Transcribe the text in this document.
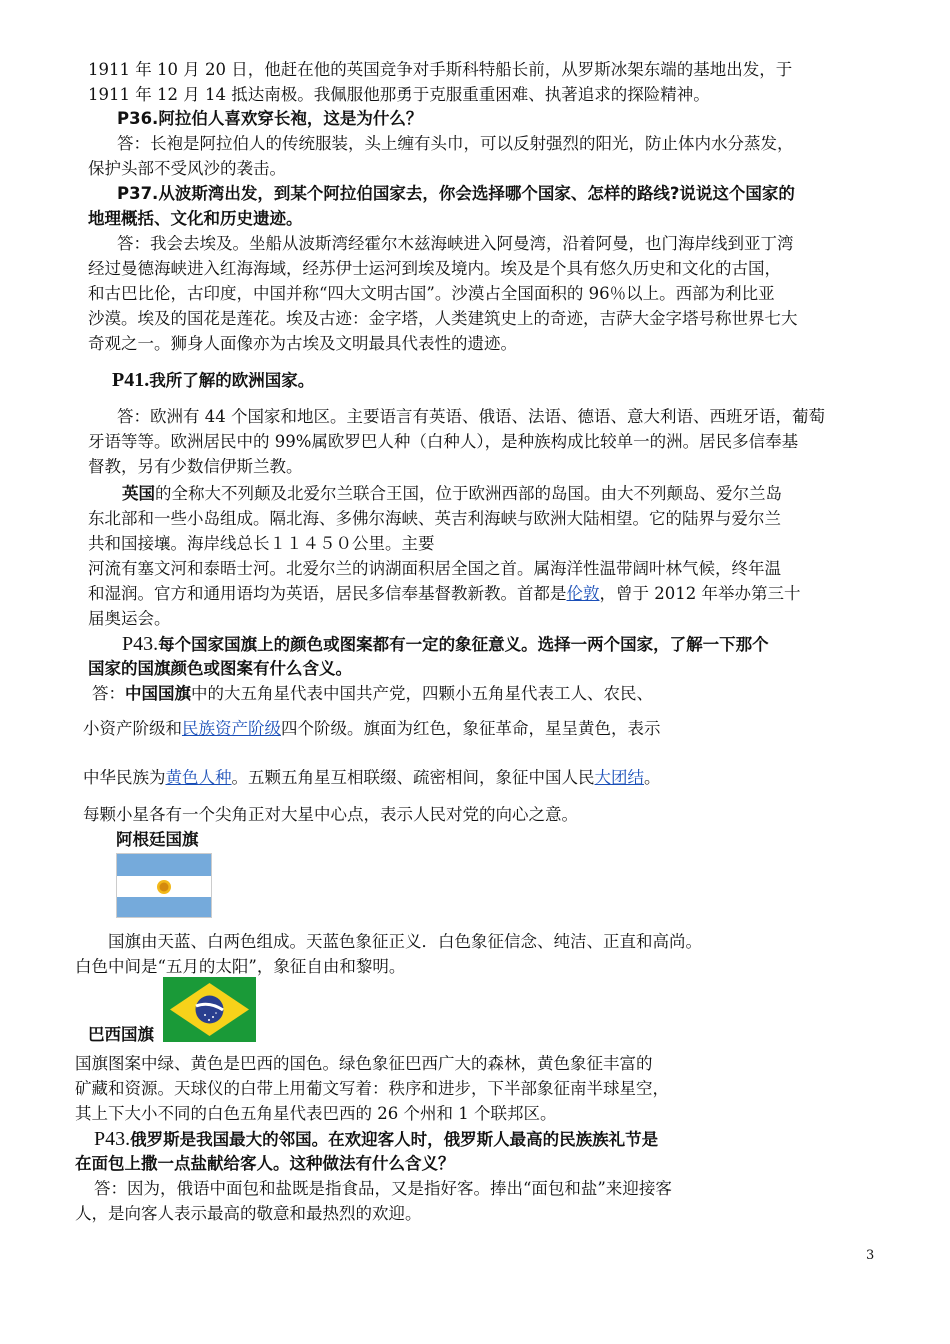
1911 年 10 月 20 日，他赶在他的英国竞争对手斯科特船长前，从罗斯冰架东端的基地出发，于
1911 年 12 月 14 抵达南极。我佩服他那勇于克服重重困难、执著追求的探险精神。
P36.阿拉伯人喜欢穿长袍，这是为什么？
答：长袍是阿拉伯人的传统服装，头上缠有头巾，可以反射强烈的阳光，防止体内水分蒸发，
保护头部不受风沙的袭击。
P37.从波斯湾出发，到某个阿拉伯国家去，你会选择哪个国家、怎样的路线?说说这个国家的
地理概括、文化和历史遗迹。
答：我会去埃及。坐船从波斯湾经霍尔木兹海峡进入阿曼湾，沿着阿曼，也门海岸线到亚丁湾
经过曼德海峡进入红海海域，经苏伊士运河到埃及境内。埃及是个具有悠久历史和文化的古国，
和古巴比伦，古印度，中国并称“四大文明古国”。沙漠占全国面积的 96％以上。西部为利比亚
沙漠。埃及的国花是莲花。埃及古迹：金字塔，人类建筑史上的奇迹，吉萨大金字塔号称世界七大
奇观之一。狮身人面像亦为古埃及文明最具代表性的遗迹。
P41.我所了解的欧洲国家。
答：欧洲有 44 个国家和地区。主要语言有英语、俄语、法语、德语、意大利语、西班牙语，葡萄
牙语等等。欧洲居民中的 99%属欧罗巴人种（白种人），是种族构成比较单一的洲。居民多信奉基
督教，另有少数信伊斯兰教。
英国的全称大不列颠及北爱尔兰联合王国，位于欧洲西部的岛国。由大不列颠岛、爱尔兰岛
东北部和一些小岛组成。隔北海、多佛尔海峡、英吉利海峡与欧洲大陆相望。它的陆界与爱尔兰
共和国接壤。海岸线总长１１４５０公里。主要
河流有塞文河和泰晤士河。北爱尔兰的讷湖面积居全国之首。属海洋性温带阔叶林气候，终年温
和湿润。官方和通用语均为英语，居民多信奉基督教新教。首都是伦敦，曾于 2012 年举办第三十
届奥运会。
P43.每个国家国旗上的颜色或图案都有一定的象征意义。选择一两个国家，了解一下那个
国家的国旗颜色或图案有什么含义。
答：中国国旗中的大五角星代表中国共产党，四颗小五角星代表工人、农民、
小资产阶级和民族资产阶级四个阶级。旗面为红色，象征革命，星呈黄色，表示
中华民族为黄色人种。五颗五角星互相联缀、疏密相间，象征中国人民大团结。
每颗小星各有一个尖角正对大星中心点，表示人民对党的向心之意。
阿根廷国旗
国旗由天蓝、白两色组成。天蓝色象征正义．白色象征信念、纯洁、正直和高尚。
白色中间是“五月的太阳”，象征自由和黎明。
巴西国旗
国旗图案中绿、黄色是巴西的国色。绿色象征巴西广大的森林，黄色象征丰富的
矿藏和资源。天球仪的白带上用葡文写着：秩序和进步，下半部象征南半球星空，
其上下大小不同的白色五角星代表巴西的 26 个州和 1 个联邦区。
P43.俄罗斯是我国最大的邻国。在欢迎客人时，俄罗斯人最高的民族族礼节是
在面包上撒一点盐献给客人。这种做法有什么含义？
答：因为，俄语中面包和盐既是指食品，又是指好客。捧出“面包和盐”来迎接客
人，是向客人表示最高的敬意和最热烈的欢迎。
3
